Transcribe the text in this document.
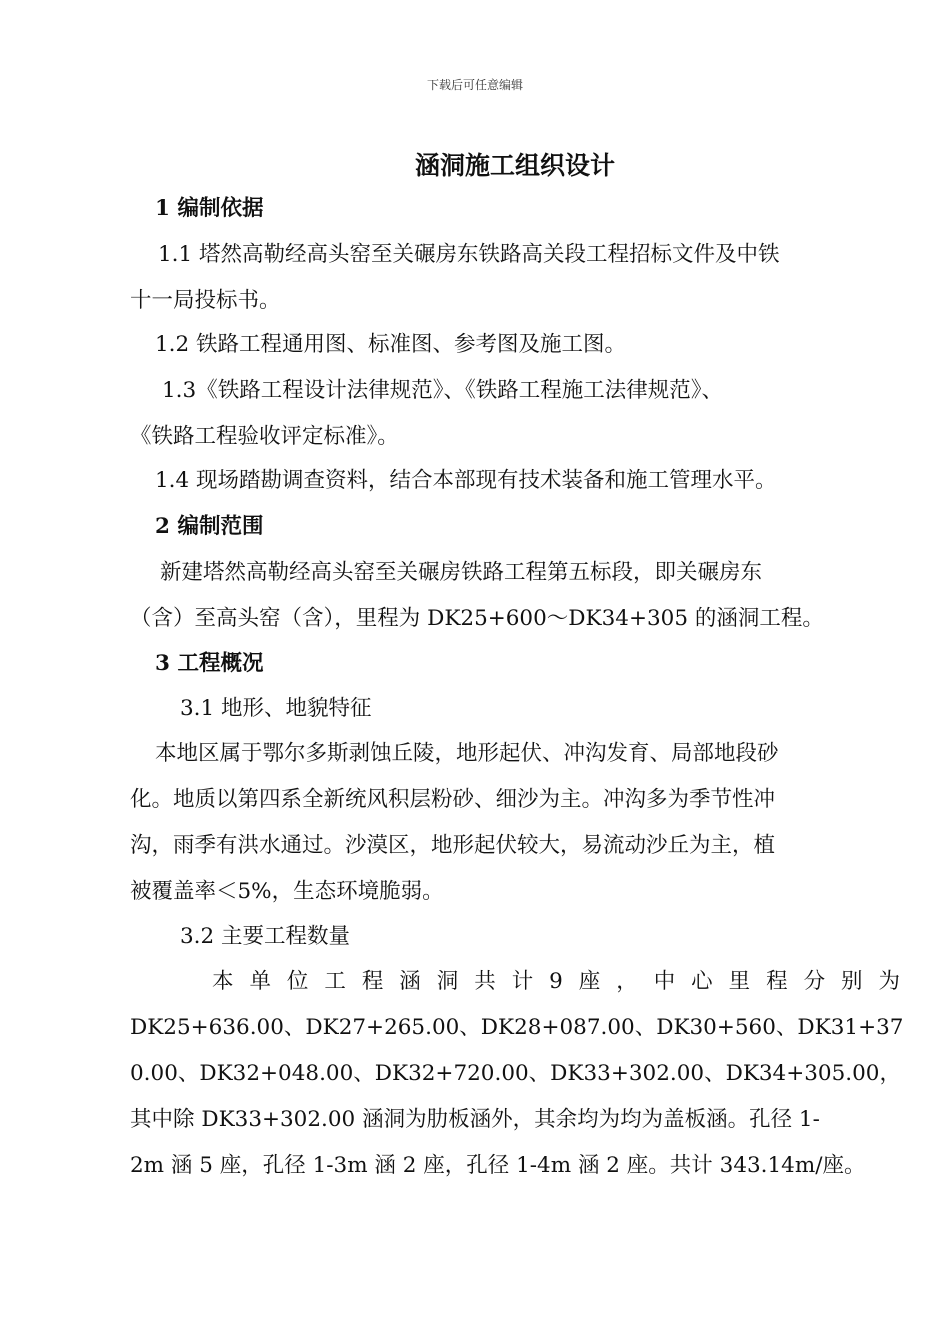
下载后可任意编辑
涵洞施工组织设计
1 编制依据
1.1 塔然高勒经高头窑至关碾房东铁路高关段工程招标文件及中铁
十一局投标书。
1.2 铁路工程通用图、标准图、参考图及施工图。
1.3《铁路工程设计法律规范》、《铁路工程施工法律规范》、
《铁路工程验收评定标准》。
1.4 现场踏勘调查资料，结合本部现有技术装备和施工管理水平。
2 编制范围
新建塔然高勒经高头窑至关碾房铁路工程第五标段，即关碾房东
（含）至高头窑（含），里程为 DK25+600～DK34+305 的涵洞工程。
3 工程概况
3.1 地形、地貌特征
本地区属于鄂尔多斯剥蚀丘陵，地形起伏、冲沟发育、局部地段砂
化。地质以第四系全新统风积层粉砂、细沙为主。冲沟多为季节性冲
沟，雨季有洪水通过。沙漠区，地形起伏较大，易流动沙丘为主，植
被覆盖率＜5%，生态环境脆弱。
3.2 主要工程数量
本单位工程涵洞共计9座，中心里程分别为
DK25+636.00、DK27+265.00、DK28+087.00、DK30+560、DK31+37
0.00、DK32+048.00、DK32+720.00、DK33+302.00、DK34+305.00，
其中除 DK33+302.00 涵洞为肋板涵外，其余均为均为盖板涵。孔径 1-
2m 涵 5 座，孔径 1-3m 涵 2 座，孔径 1-4m 涵 2 座。共计 343.14m/座。
